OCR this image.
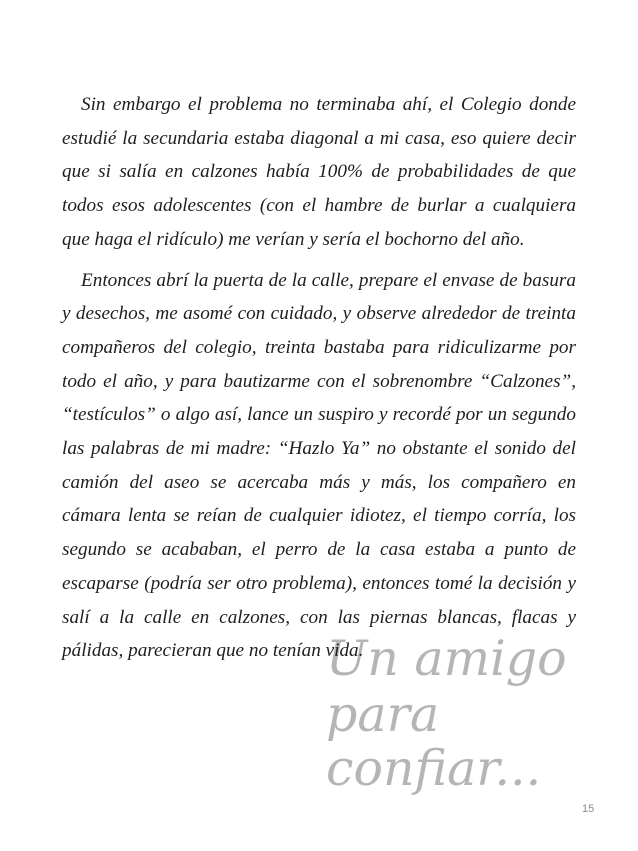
Un amigo
para
confiar...

Sin embargo el problema no terminaba ahí, el Colegio donde estudié la secundaria estaba diagonal a mi casa, eso quiere decir que si salía en calzones había 100% de probabilidades de que todos esos adolescentes (con el hambre de burlar a cualquiera que haga el ridículo) me verían y sería el bochorno del año.

Entonces abrí la puerta de la calle, prepare el envase de basura y desechos, me asomé con cuidado, y observe alrededor de treinta compañeros del colegio, treinta bastaba para ridiculizarme por todo el año, y para bautizarme con el sobrenombre “Calzones”, “testículos” o algo así, lance un suspiro y recordé por un segundo las palabras de mi madre: “Hazlo Ya” no obstante el sonido del camión del aseo se acercaba más y más, los compañero en cámara lenta se reían de cualquier idiotez, el tiempo corría, los segundo se acababan, el perro de la casa estaba a punto de escaparse (podría ser otro problema), entonces tomé la decisión y salí a la calle en calzones, con las piernas blancas, flacas y pálidas, parecieran que no tenían vida.

15
